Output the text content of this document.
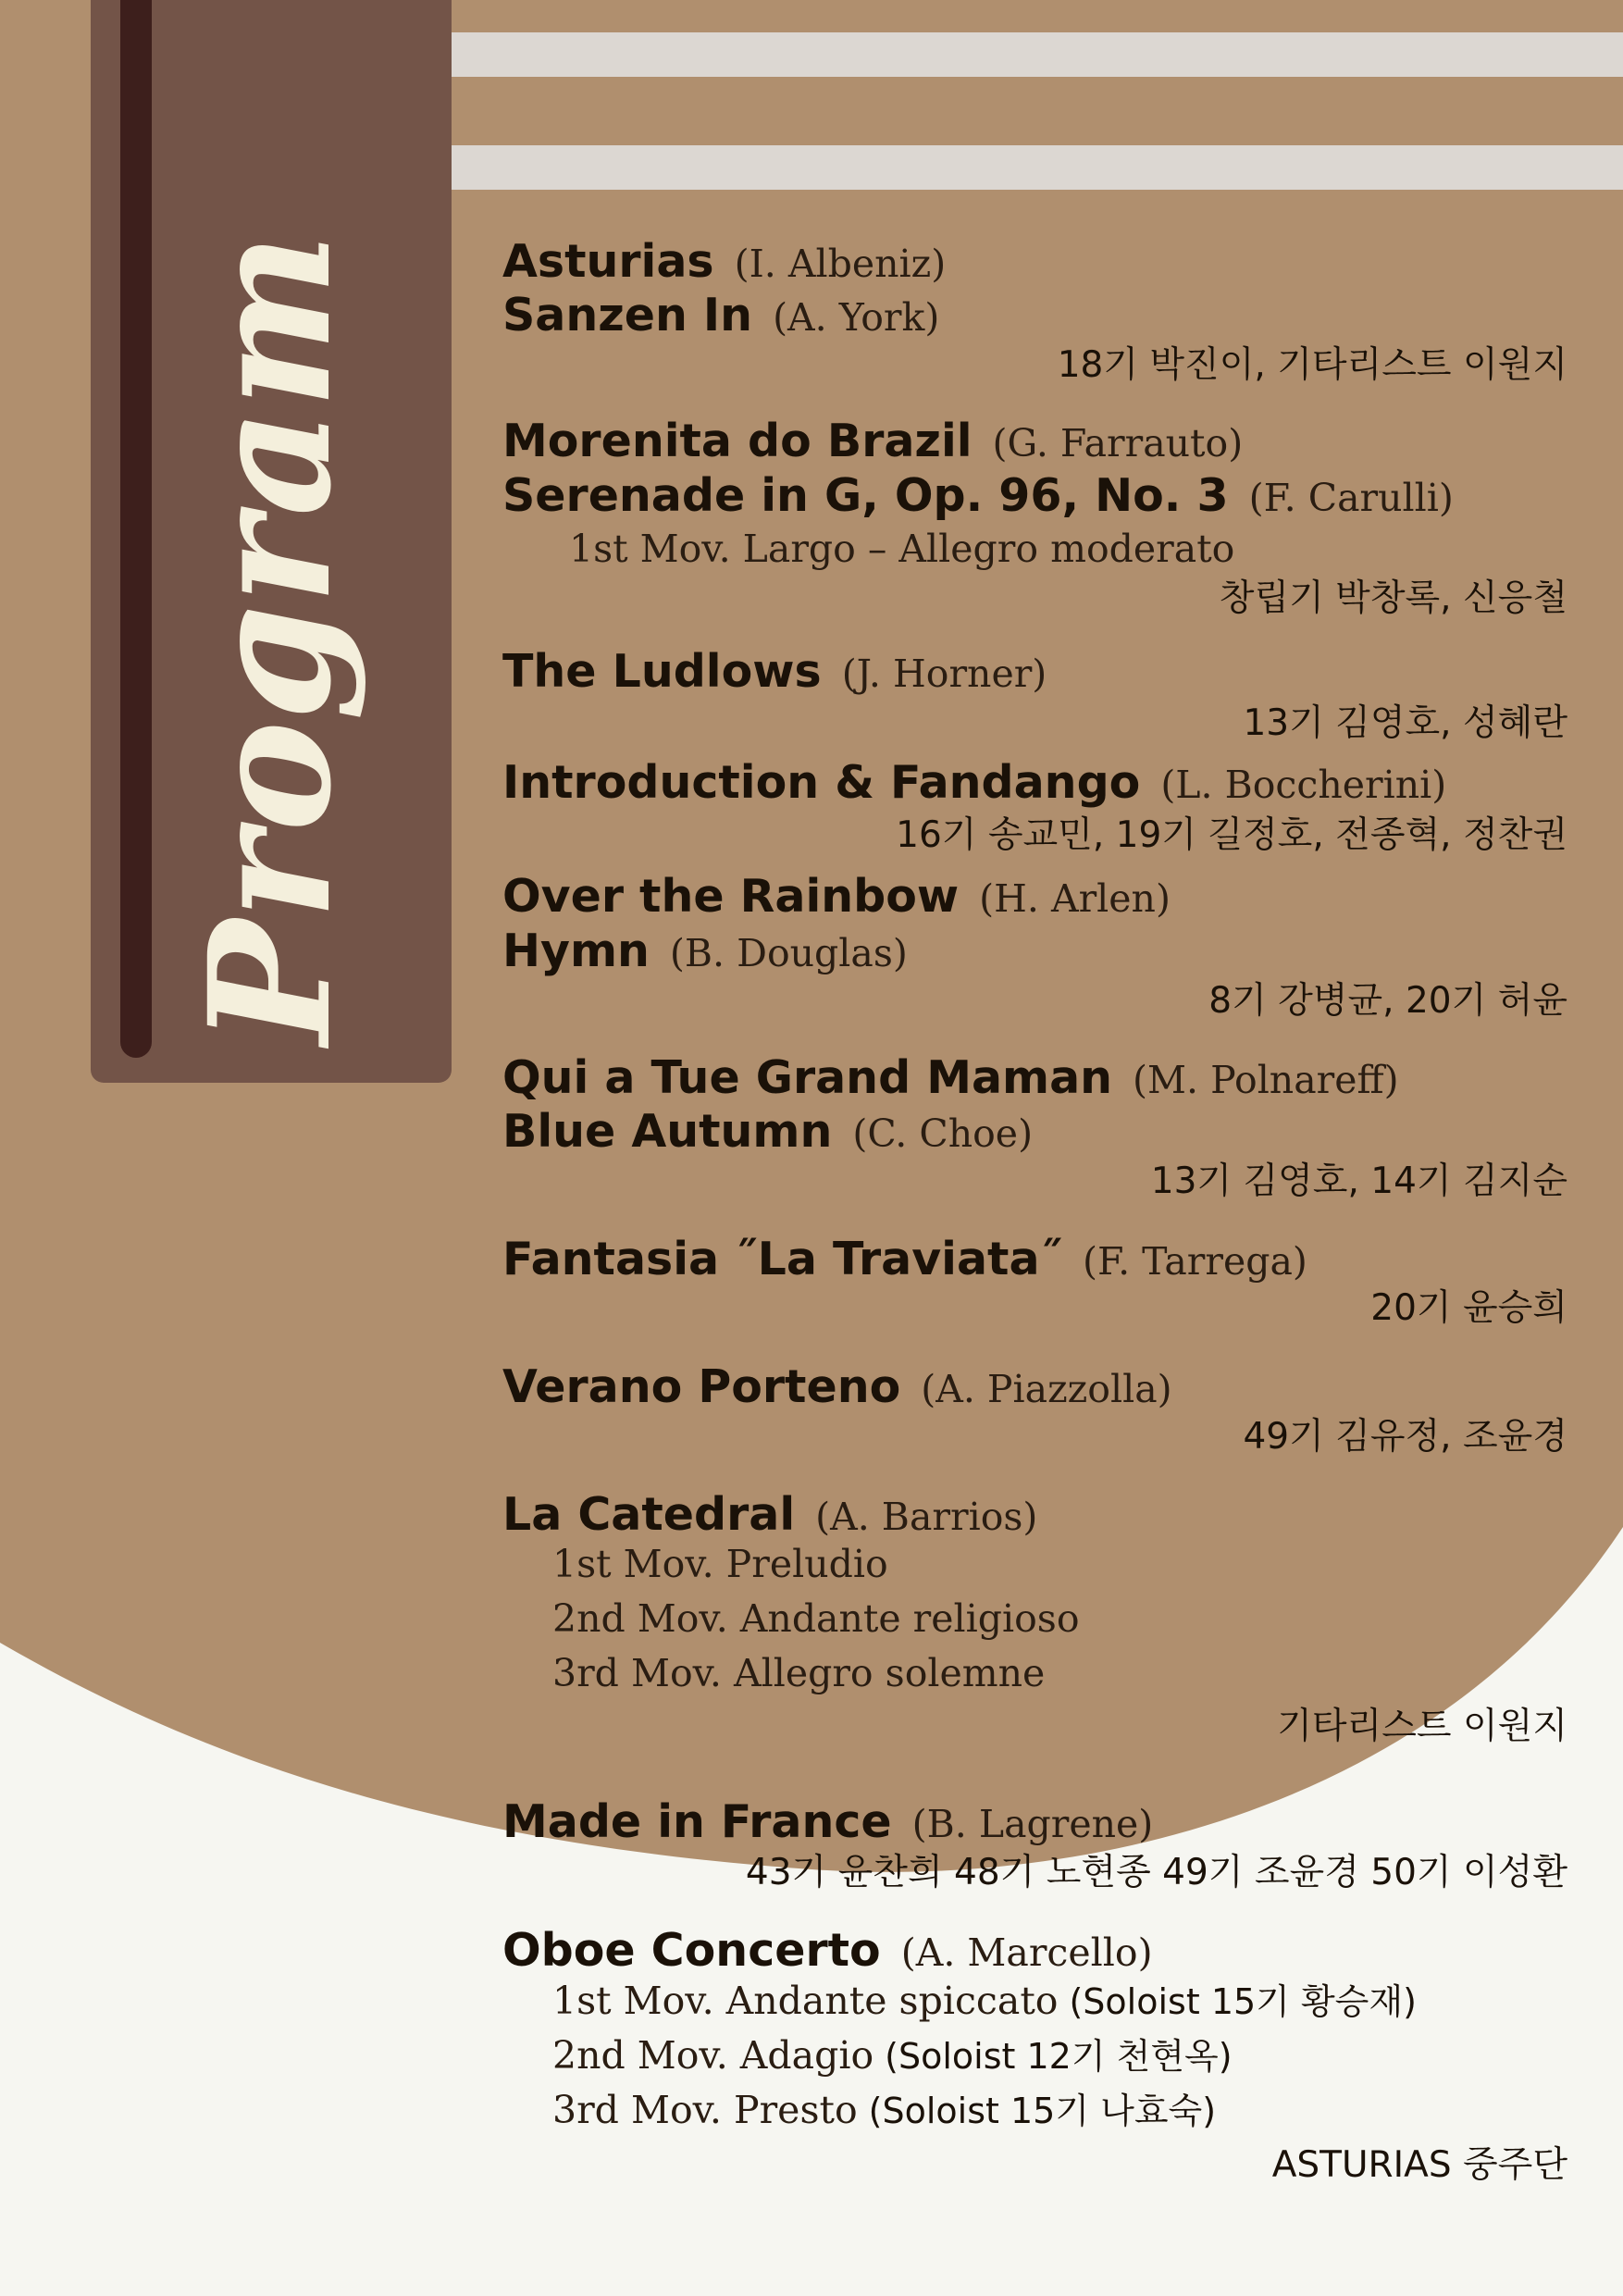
Program	Asturias (I. Albeniz)
Sanzen In (A. York)
18기 박진이, 기타리스트 이원지
Morenita do Brazil (G. Farrauto)
Serenade in G, Op. 96, No. 3 (F. Carulli)
1st Mov. Largo – Allegro moderato
창립기 박창록, 신응철
The Ludlows (J. Horner)
13기 김영호, 성혜란
Introduction & Fandango (L. Boccherini)
16기 송교민, 19기 길정호, 전종혁, 정찬권
Over the Rainbow (H. Arlen)
Hymn (B. Douglas)
8기 강병균, 20기 허윤
Qui a Tue Grand Maman (M. Polnareff)
Blue Autumn (C. Choe)
13기 김영호, 14기 김지순
Fantasia ˝La Traviata˝ (F. Tarrega)
20기 윤승희
Verano Porteno (A. Piazzolla)
49기 김유정, 조윤경
La Catedral (A. Barrios)
1st Mov. Preludio
2nd Mov. Andante religioso
3rd Mov. Allegro solemne
기타리스트 이원지
Made in France (B. Lagrene)
43기 윤찬희 48기 노현종 49기 조윤경 50기 이성환
Oboe Concerto (A. Marcello)
1st Mov. Andante spiccato (Soloist 15기 황승재)
2nd Mov. Adagio (Soloist 12기 천현옥)
3rd Mov. Presto (Soloist 15기 나효숙)
ASTURIAS 중주단
